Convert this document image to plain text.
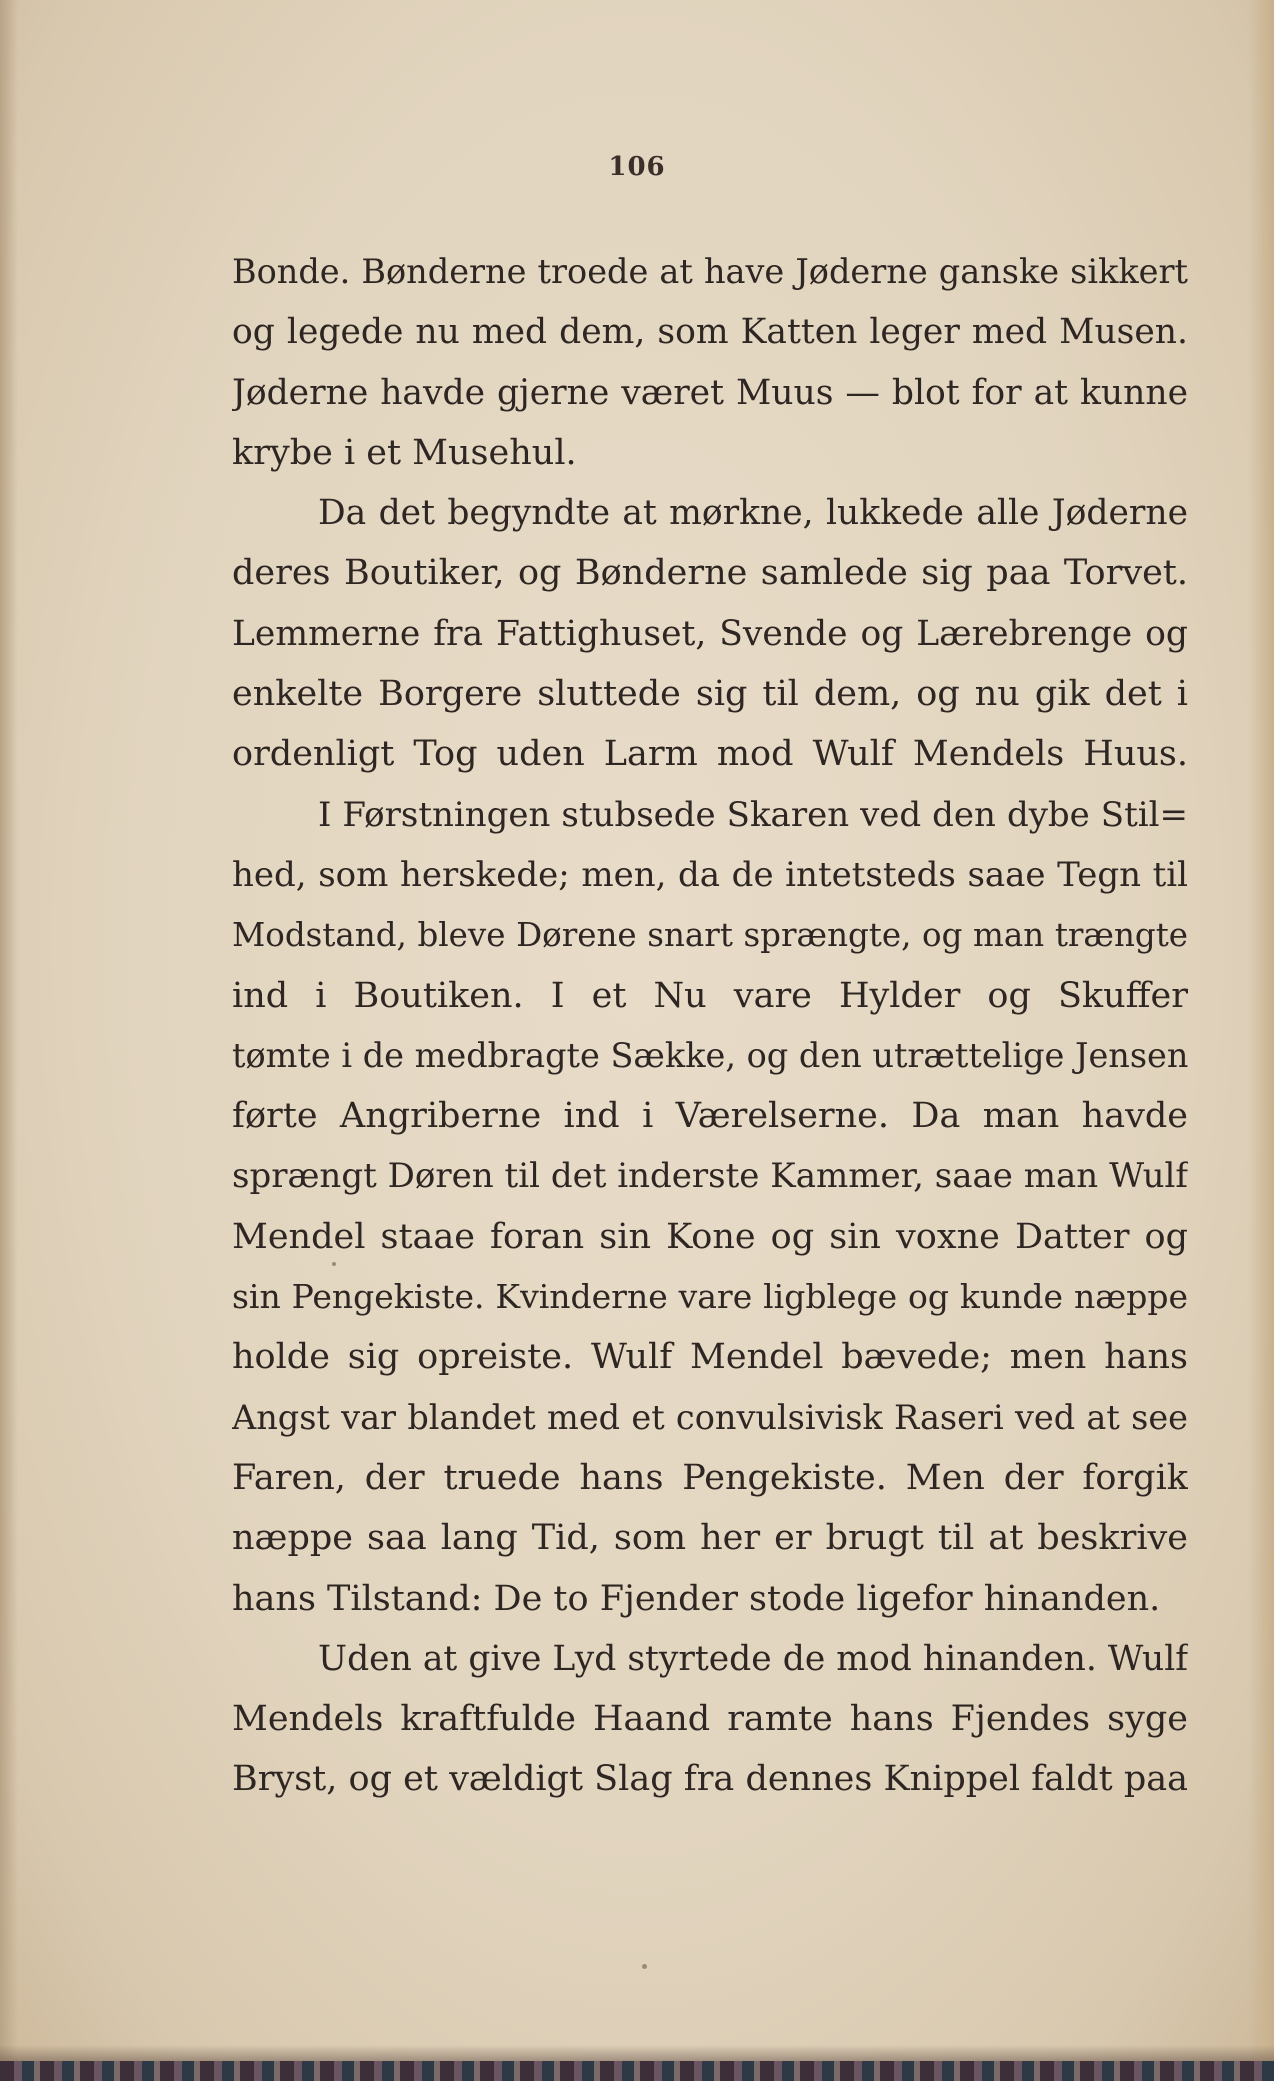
106
Bonde. Bønderne troede at have Jøderne ganske sikkert
og legede nu med dem, som Katten leger med Musen.
Jøderne havde gjerne været Muus — blot for at kunne
krybe i et Musehul.
Da det begyndte at mørkne, lukkede alle Jøderne
deres Boutiker, og Bønderne samlede sig paa Torvet.
Lemmerne fra Fattighuset, Svende og Lærebrenge og
enkelte Borgere sluttede sig til dem, og nu gik det i
ordenligt Tog uden Larm mod Wulf Mendels Huus.
I Førstningen stubsede Skaren ved den dybe Stil=
hed, som herskede; men, da de intetsteds saae Tegn til
Modstand, bleve Dørene snart sprængte, og man trængte
ind i Boutiken. I et Nu vare Hylder og Skuffer
tømte i de medbragte Sække, og den utrættelige Jensen
førte Angriberne ind i Værelserne. Da man havde
sprængt Døren til det inderste Kammer, saae man Wulf
Mendel staae foran sin Kone og sin voxne Datter og
sin Pengekiste. Kvinderne vare ligblege og kunde næppe
holde sig opreiste. Wulf Mendel bævede; men hans
Angst var blandet med et convulsivisk Raseri ved at see
Faren, der truede hans Pengekiste. Men der forgik
næppe saa lang Tid, som her er brugt til at beskrive
hans Tilstand: De to Fjender stode ligefor hinanden.
Uden at give Lyd styrtede de mod hinanden. Wulf
Mendels kraftfulde Haand ramte hans Fjendes syge
Bryst, og et vældigt Slag fra dennes Knippel faldt paa
